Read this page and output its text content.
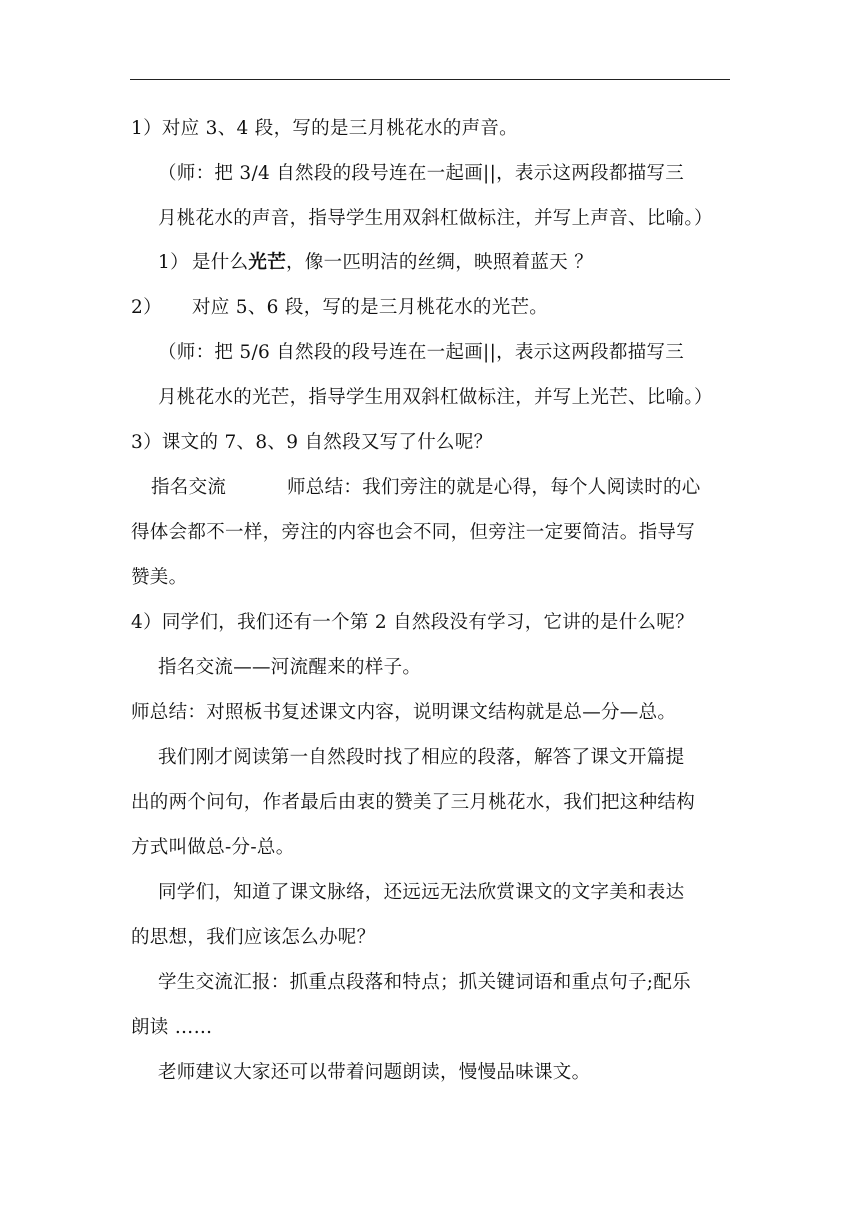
1）对应 3、4 段，写的是三月桃花水的声音。
（师：把 3/4 自然段的段号连在一起画||，表示这两段都描写三
月桃花水的声音，指导学生用双斜杠做标注，并写上声音、比喻。）
1） 是什么光芒，像一匹明洁的丝绸，映照着蓝天 ？
2） 对应 5、6 段，写的是三月桃花水的光芒。
（师：把 5/6 自然段的段号连在一起画||，表示这两段都描写三
月桃花水的光芒，指导学生用双斜杠做标注，并写上光芒、比喻。）
3）课文的 7、8、9 自然段又写了什么呢？
指名交流	师总结：我们旁注的就是心得，每个人阅读时的心
得体会都不一样，旁注的内容也会不同，但旁注一定要简洁。指导写
赞美。
4）同学们，我们还有一个第 2 自然段没有学习，它讲的是什么呢？
指名交流——河流醒来的样子。
师总结：对照板书复述课文内容，说明课文结构就是总—分—总。
我们刚才阅读第一自然段时找了相应的段落，解答了课文开篇提
出的两个问句，作者最后由衷的赞美了三月桃花水，我们把这种结构
方式叫做总-分-总。
同学们，知道了课文脉络，还远远无法欣赏课文的文字美和表达
的思想，我们应该怎么办呢？
学生交流汇报：抓重点段落和特点；抓关键词语和重点句子;配乐
朗读 ……
老师建议大家还可以带着问题朗读，慢慢品味课文。
